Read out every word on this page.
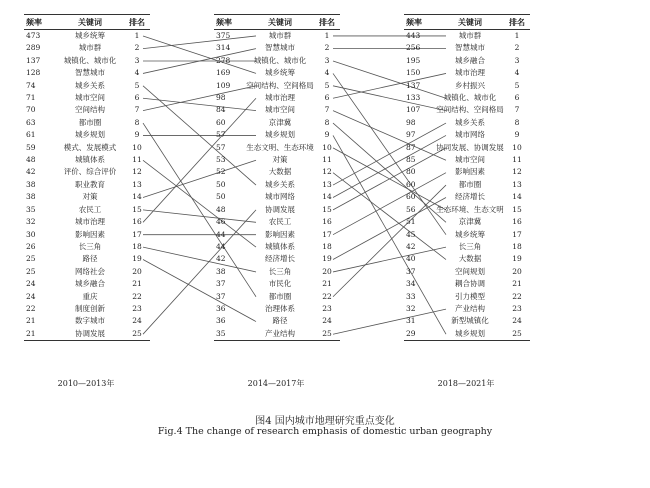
频率	关键词	排名
473	城乡统筹	1
289	城市群	2
137	城镇化、城市化	3
128	智慧城市	4
74	城乡关系	5
71	城市空间	6
70	空间结构	7
63	都市圈	8
61	城乡规划	9
59	模式、发展模式	10
48	城镇体系	11
42	评价、综合评价	12
38	职业教育	13
38	对策	14
35	农民工	15
32	城市治理	16
30	影响因素	17
26	长三角	18
25	路径	19
25	网络社会	20
24	城乡融合	21
24	重庆	22
22	制度创新	23
21	数字城市	24
21	协调发展	25
频率	关键词	排名
375	城市群	1
314	智慧城市	2
278	城镇化、城市化	3
169	城乡统筹	4
109	空间结构、空间格局	5
98	城市治理	6
84	城市空间	7
60	京津冀	8
57	城乡规划	9
57	生态文明、生态环境	10
53	对策	11
52	大数据	12
50	城乡关系	13
50	城市网络	14
48	协调发展	15
46	农民工	16
44	影响因素	17
44	城镇体系	18
42	经济增长	19
38	长三角	20
37	市民化	21
37	都市圈	22
36	治理体系	23
36	路径	24
35	产业结构	25
频率	关键词	排名
443	城市群	1
256	智慧城市	2
195	城乡融合	3
150	城市治理	4
137	乡村振兴	5
133	城镇化、城市化	6
107	空间结构、空间格局	7
98	城乡关系	8
97	城市网络	9
87	协同发展、协调发展	10
85	城市空间	11
80	影响因素	12
60	都市圈	13
60	经济增长	14
56	生态环境、生态文明	15
51	京津冀	16
45	城乡统筹	17
42	长三角	18
40	大数据	19
37	空间规划	20
34	耦合协调	21
33	引力模型	22
32	产业结构	23
31	新型城镇化	24
29	城乡规划	25
2010—2013年	2014—2017年	2018—2021年
图4 国内城市地理研究重点变化
Fig.4 The change of research emphasis of domestic urban geography
